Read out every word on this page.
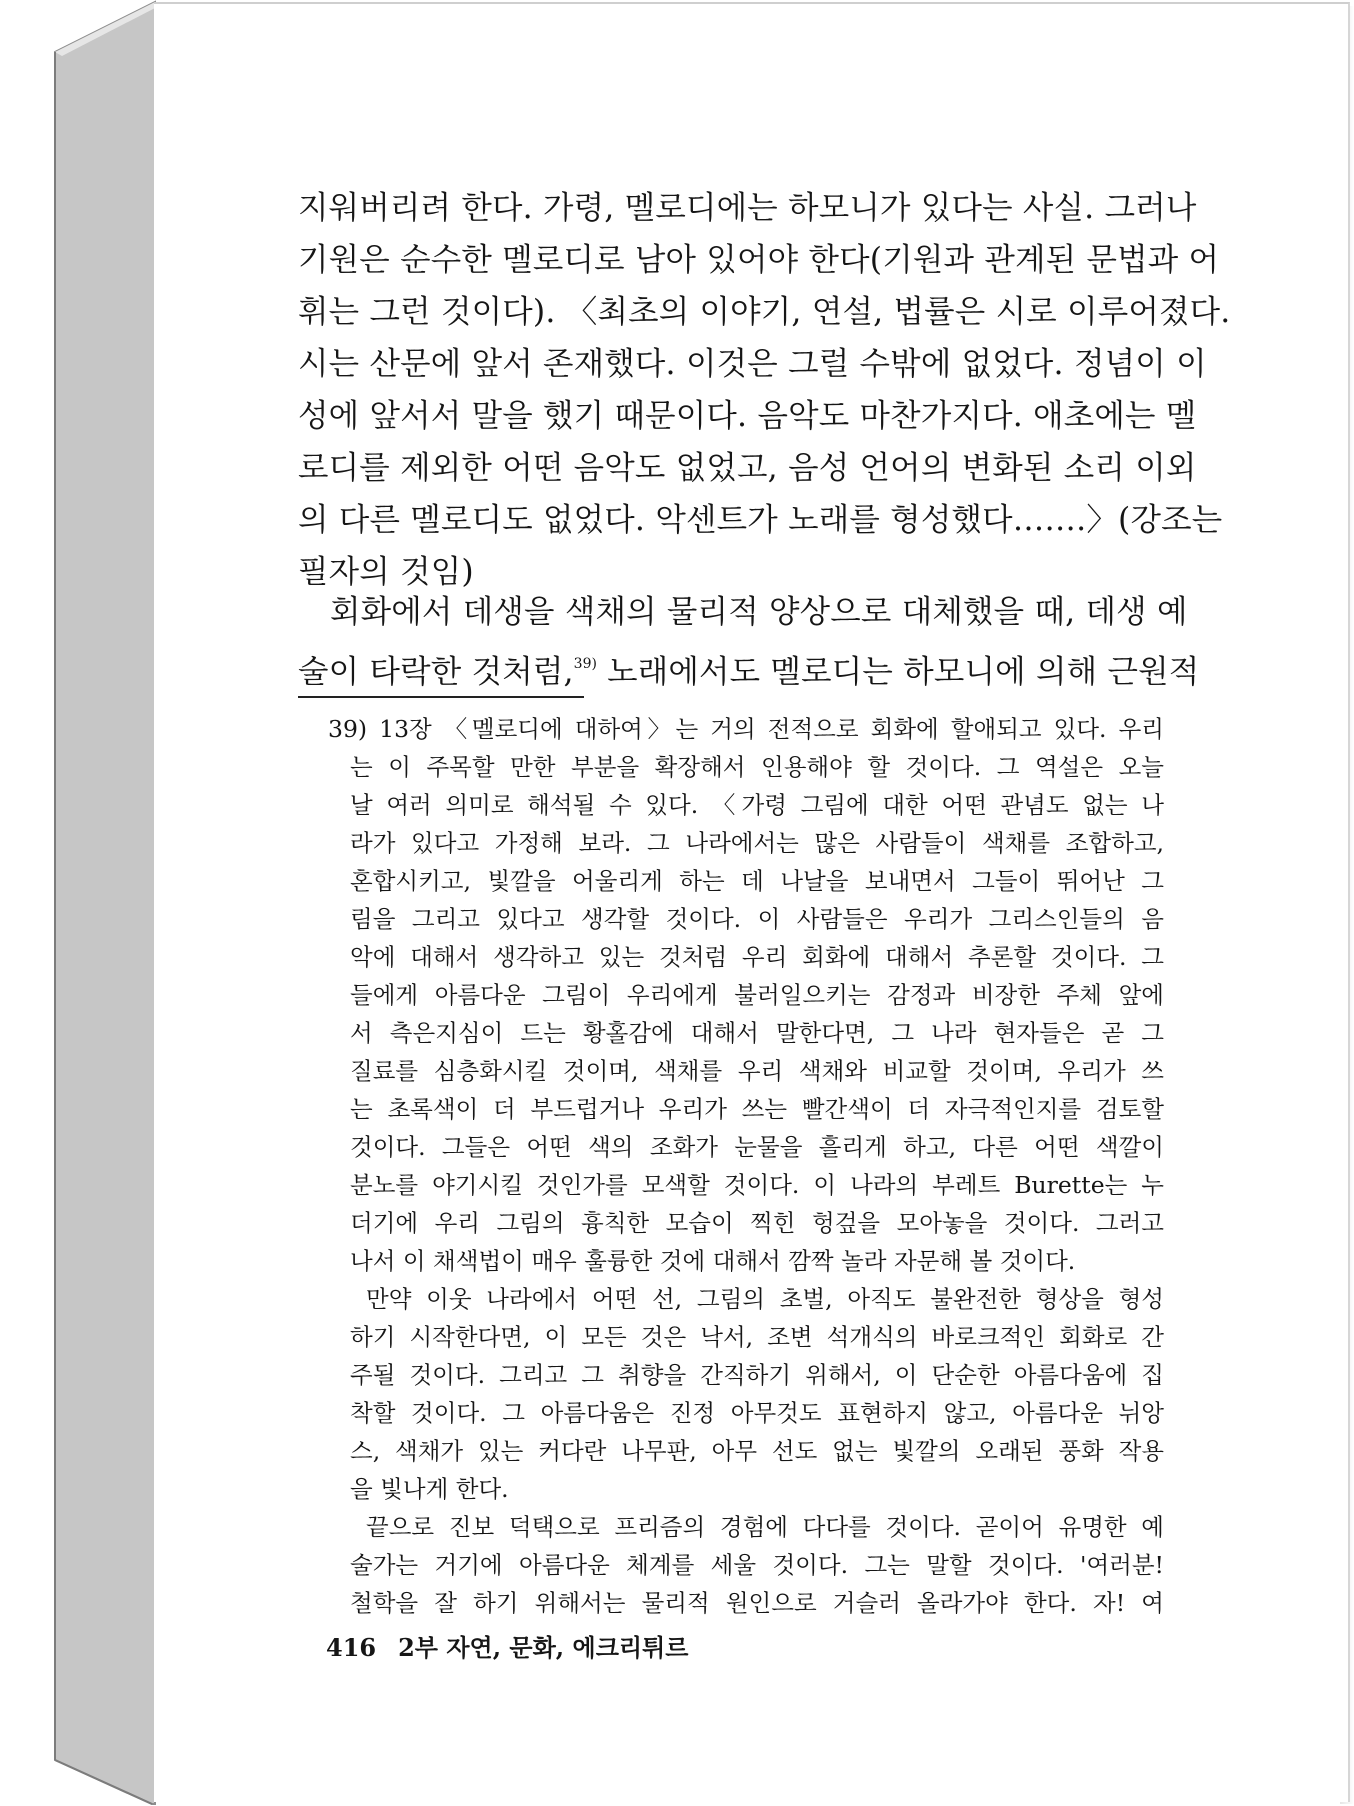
지워버리려 한다. 가령, 멜로디에는 하모니가 있다는 사실. 그러나
기원은 순수한 멜로디로 남아 있어야 한다(기원과 관계된 문법과 어
휘는 그런 것이다). 〈최초의 이야기, 연설, 법률은 시로 이루어졌다.
시는 산문에 앞서 존재했다. 이것은 그럴 수밖에 없었다. 정념이 이
성에 앞서서 말을 했기 때문이다. 음악도 마찬가지다. 애초에는 멜
로디를 제외한 어떤 음악도 없었고, 음성 언어의 변화된 소리 이외
의 다른 멜로디도 없었다. 악센트가 노래를 형성했다…….〉(강조는
필자의 것임)
회화에서 데생을 색채의 물리적 양상으로 대체했을 때, 데생 예
술이 타락한 것처럼,$^{39)}$ 노래에서도 멜로디는 하모니에 의해 근원적
39) 13장 〈멜로디에 대하여〉는 거의 전적으로 회화에 할애되고 있다. 우리
는 이 주목할 만한 부분을 확장해서 인용해야 할 것이다. 그 역설은 오늘
날 여러 의미로 해석될 수 있다. 〈가령 그림에 대한 어떤 관념도 없는 나
라가 있다고 가정해 보라. 그 나라에서는 많은 사람들이 색채를 조합하고,
혼합시키고, 빛깔을 어울리게 하는 데 나날을 보내면서 그들이 뛰어난 그
림을 그리고 있다고 생각할 것이다. 이 사람들은 우리가 그리스인들의 음
악에 대해서 생각하고 있는 것처럼 우리 회화에 대해서 추론할 것이다. 그
들에게 아름다운 그림이 우리에게 불러일으키는 감정과 비장한 주체 앞에
서 측은지심이 드는 황홀감에 대해서 말한다면, 그 나라 현자들은 곧 그
질료를 심층화시킬 것이며, 색채를 우리 색채와 비교할 것이며, 우리가 쓰
는 초록색이 더 부드럽거나 우리가 쓰는 빨간색이 더 자극적인지를 검토할
것이다. 그들은 어떤 색의 조화가 눈물을 흘리게 하고, 다른 어떤 색깔이
분노를 야기시킬 것인가를 모색할 것이다. 이 나라의 부레트 Burette는 누
더기에 우리 그림의 흉칙한 모습이 찍힌 헝겊을 모아놓을 것이다. 그러고
나서 이 채색법이 매우 훌륭한 것에 대해서 깜짝 놀라 자문해 볼 것이다.
만약 이웃 나라에서 어떤 선, 그림의 초벌, 아직도 불완전한 형상을 형성
하기 시작한다면, 이 모든 것은 낙서, 조변 석개식의 바로크적인 회화로 간
주될 것이다. 그리고 그 취향을 간직하기 위해서, 이 단순한 아름다움에 집
착할 것이다. 그 아름다움은 진정 아무것도 표현하지 않고, 아름다운 뉘앙
스, 색채가 있는 커다란 나무판, 아무 선도 없는 빛깔의 오래된 풍화 작용
을 빛나게 한다.
끝으로 진보 덕택으로 프리즘의 경험에 다다를 것이다. 곧이어 유명한 예
술가는 거기에 아름다운 체계를 세울 것이다. 그는 말할 것이다. '여러분!
철학을 잘 하기 위해서는 물리적 원인으로 거슬러 올라가야 한다. 자! 여
416 2부 자연, 문화, 에크리튀르
